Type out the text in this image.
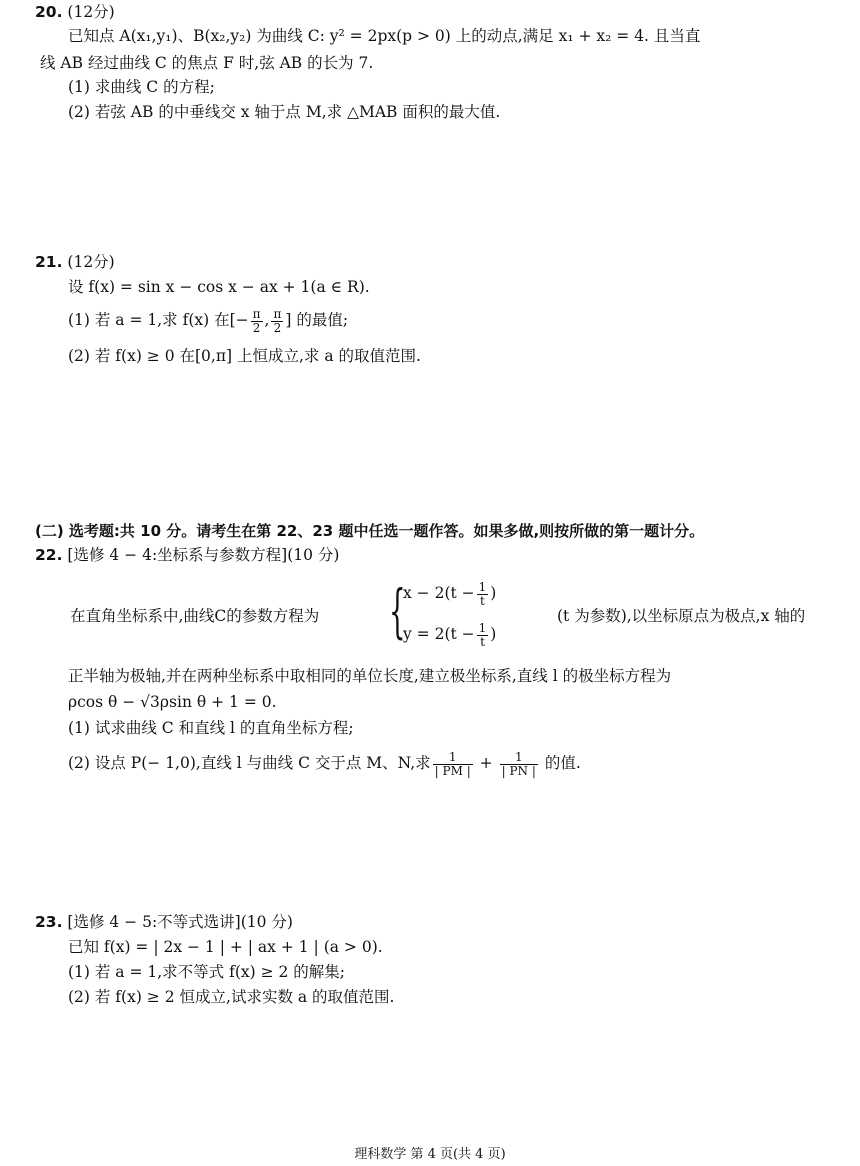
20. (12分)
已知点 A(x₁,y₁)、B(x₂,y₂) 为曲线 C: y² = 2px(p > 0) 上的动点,满足 x₁ + x₂ = 4. 且当直
线 AB 经过曲线 C 的焦点 F 时,弦 AB 的长为 7.
(1) 求曲线 C 的方程;
(2) 若弦 AB 的中垂线交 x 轴于点 M,求 △MAB 面积的最大值.
21. (12分)
设 f(x) = sin x − cos x − ax + 1(a ∈ R).
(1) 若 a = 1,求 f(x) 在[− $\frac{\pi}{2}$ , $\frac{\pi}{2}$ ] 的最值;
(2) 若 f(x) ≥ 0 在[0,π] 上恒成立,求 a 的取值范围.
(二) 选考题:共 10 分。请考生在第 22、23 题中任选一题作答。如果多做,则按所做的第一题计分。
22. [选修 4 − 4:坐标系与参数方程](10 分)
在直角坐标系中,曲线C的参数方程为 {
$x - 2(t - \frac{1}{t}$ )
$y = 2(t - \frac{1}{t}$ )
(t 为参数),以坐标原点为极点,x 轴的
正半轴为极轴,并在两种坐标系中取相同的单位长度,建立极坐标系,直线 l 的极坐标方程为
ρcos θ − √3ρsin θ + 1 = 0.
(1) 试求曲线 C 和直线 l 的直角坐标方程;
(2) 设点 P(− 1,0),直线 l 与曲线 C 交于点 M、N,求 $\frac{1}{| PM |} + \frac{1}{| PN |}$ 的值.
23. [选修 4 − 5:不等式选讲](10 分)
已知 f(x) = | 2x − 1 | + | ax + 1 | (a > 0).
(1) 若 a = 1,求不等式 f(x) ≥ 2 的解集;
(2) 若 f(x) ≥ 2 恒成立,试求实数 a 的取值范围.
理科数学 第 4 页(共 4 页)
